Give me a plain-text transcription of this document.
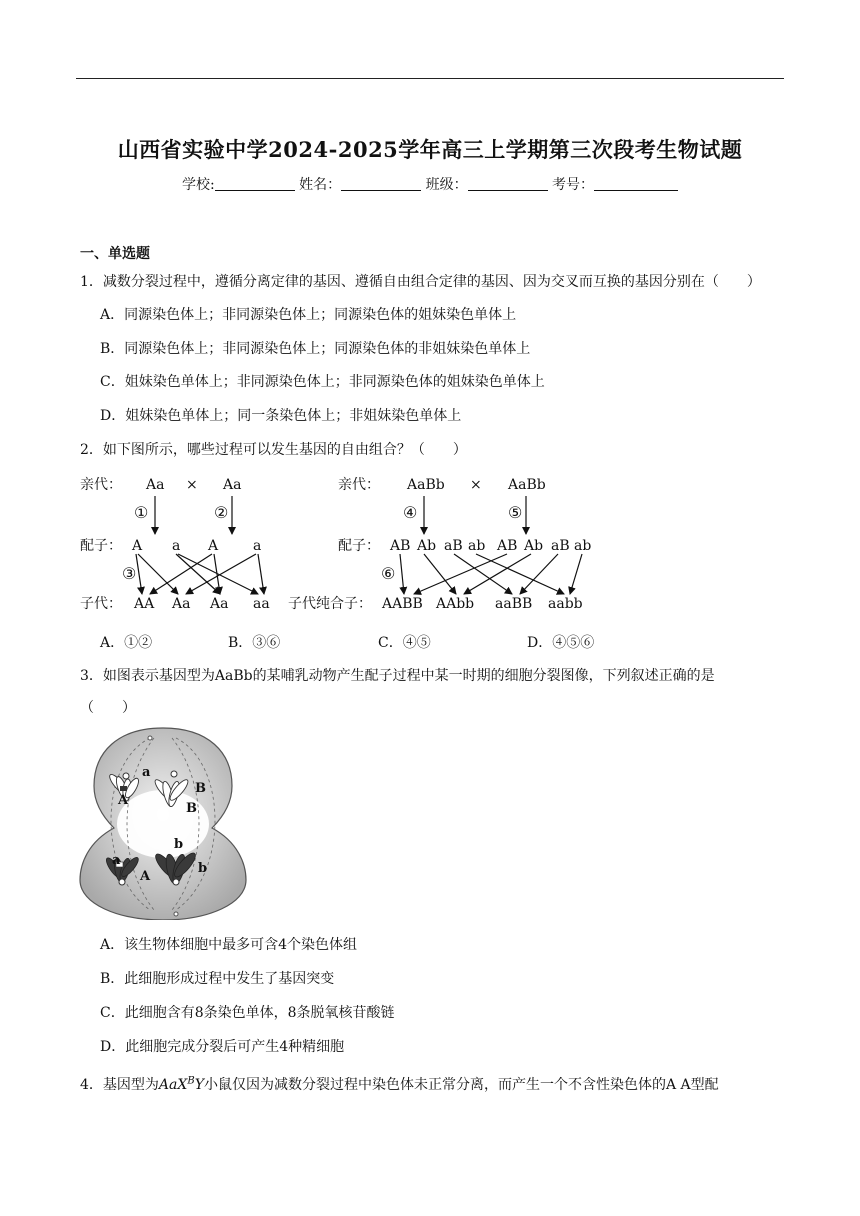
山西省实验中学2024-2025学年高三上学期第三次段考生物试题
学校:	姓名：	班级：	考号：
一、单选题
1．减数分裂过程中，遵循分离定律的基因、遵循自由组合定律的基因、因为交叉而互换的基因分别在（　　）
A．同源染色体上；非同源染色体上；同源染色体的姐妹染色单体上
B．同源染色体上；非同源染色体上；同源染色体的非姐妹染色单体上
C．姐妹染色单体上；非同源染色体上；非同源染色体的姐妹染色单体上
D．姐妹染色单体上；同一条染色体上；非姐妹染色单体上
2．如下图所示，哪些过程可以发生基因的自由组合？（　　）
亲代： Aa × Aa
①	②
配子： A a A a
③
子代： AA Aa Aa aa
亲代： AaBb × AaBb
④	⑤
配子： AB Ab aB ab AB Ab aB ab
⑥
子代纯合子： AABB AAbb aaBB aabb
A．①②	B．③⑥	C．④⑤	D．④⑤⑥
3．如图表示基因型为AaBb的某哺乳动物产生配子过程中某一时期的细胞分裂图像，下列叙述正确的是
（　　）
a
A
B
B
a
A
b
b
A．该生物体细胞中最多可含4个染色体组
B．此细胞形成过程中发生了基因突变
C．此细胞含有8条染色单体，8条脱氧核苷酸链
D．此细胞完成分裂后可产生4种精细胞
4．基因型为AaX$^B$Y小鼠仅因为减数分裂过程中染色体未正常分离，而产生一个不含性染色体的A A型配
